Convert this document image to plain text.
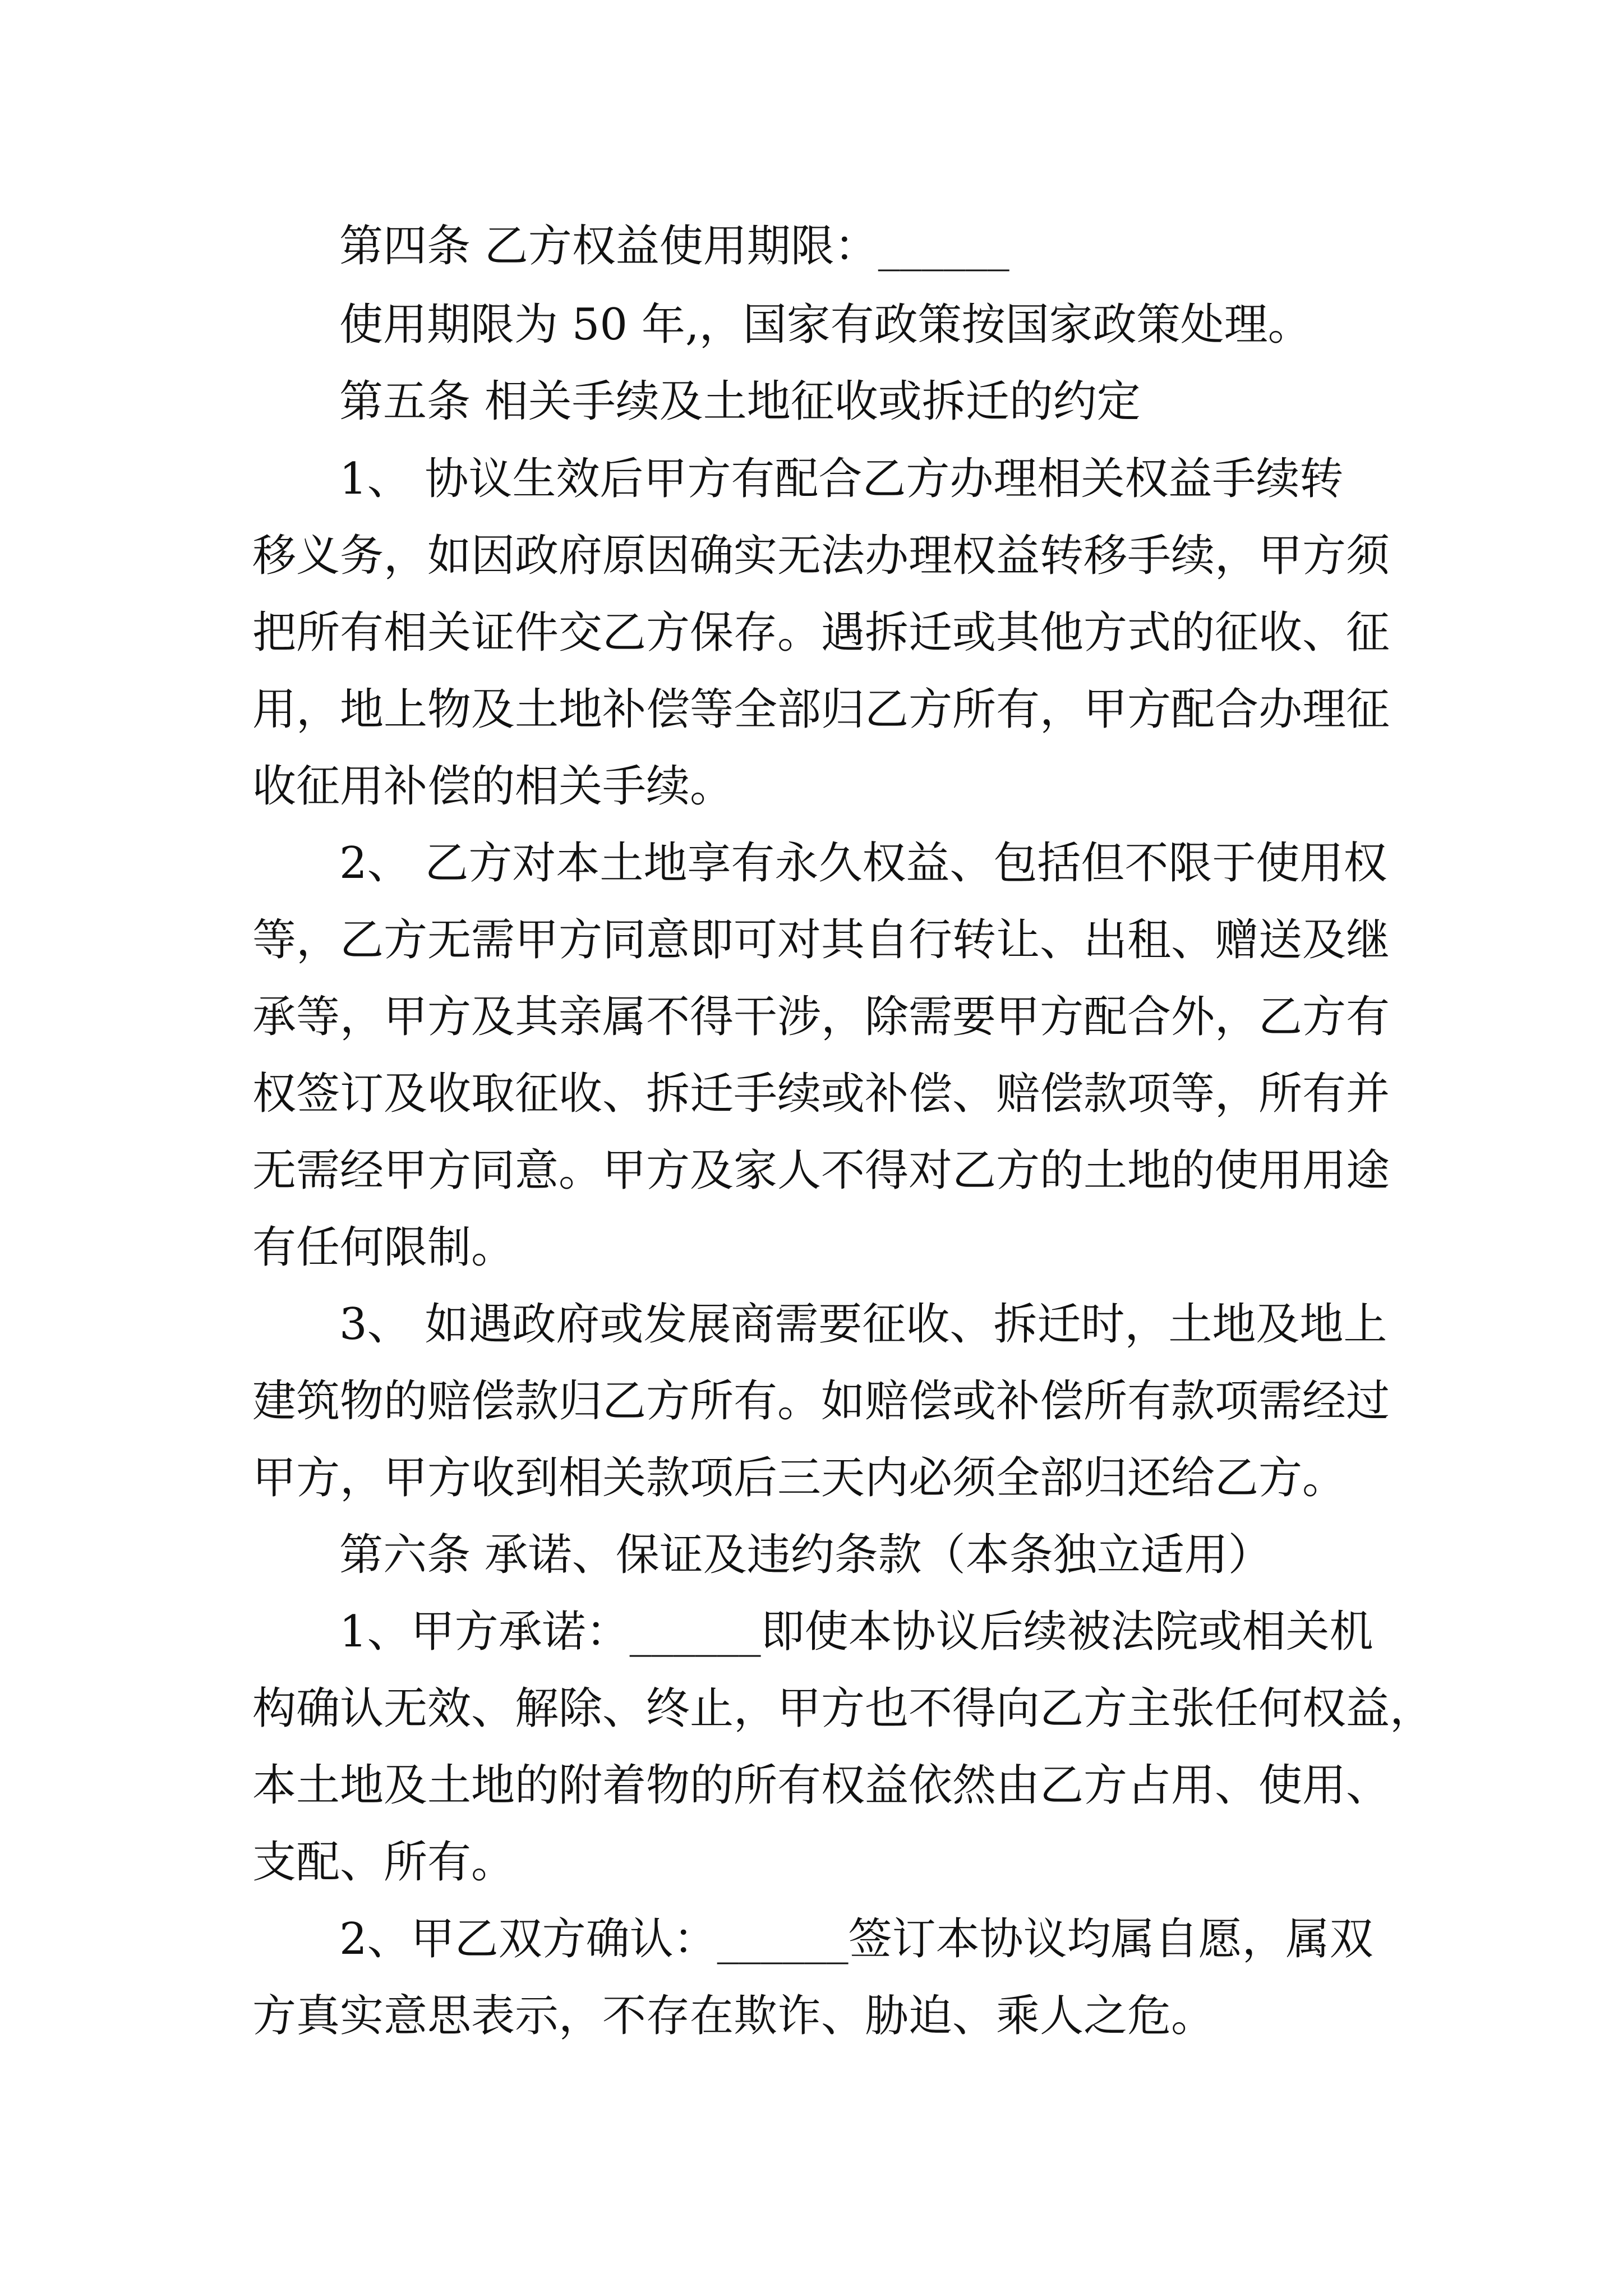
第四条 乙方权益使用期限：______
使用期限为 50 年,，国家有政策按国家政策处理。
第五条 相关手续及土地征收或拆迁的约定
1、 协议生效后甲方有配合乙方办理相关权益手续转
移义务，如因政府原因确实无法办理权益转移手续，甲方须
把所有相关证件交乙方保存。遇拆迁或其他方式的征收、征
用，地上物及土地补偿等全部归乙方所有，甲方配合办理征
收征用补偿的相关手续。
2、 乙方对本土地享有永久权益、包括但不限于使用权
等，乙方无需甲方同意即可对其自行转让、出租、赠送及继
承等，甲方及其亲属不得干涉，除需要甲方配合外，乙方有
权签订及收取征收、拆迁手续或补偿、赔偿款项等，所有并
无需经甲方同意。甲方及家人不得对乙方的土地的使用用途
有任何限制。
3、 如遇政府或发展商需要征收、拆迁时，土地及地上
建筑物的赔偿款归乙方所有。如赔偿或补偿所有款项需经过
甲方，甲方收到相关款项后三天内必须全部归还给乙方。
第六条 承诺、保证及违约条款（本条独立适用）
1、甲方承诺：______即使本协议后续被法院或相关机
构确认无效、解除、终止，甲方也不得向乙方主张任何权益，
本土地及土地的附着物的所有权益依然由乙方占用、使用、
支配、所有。
2、甲乙双方确认：______签订本协议均属自愿，属双
方真实意思表示，不存在欺诈、胁迫、乘人之危。
